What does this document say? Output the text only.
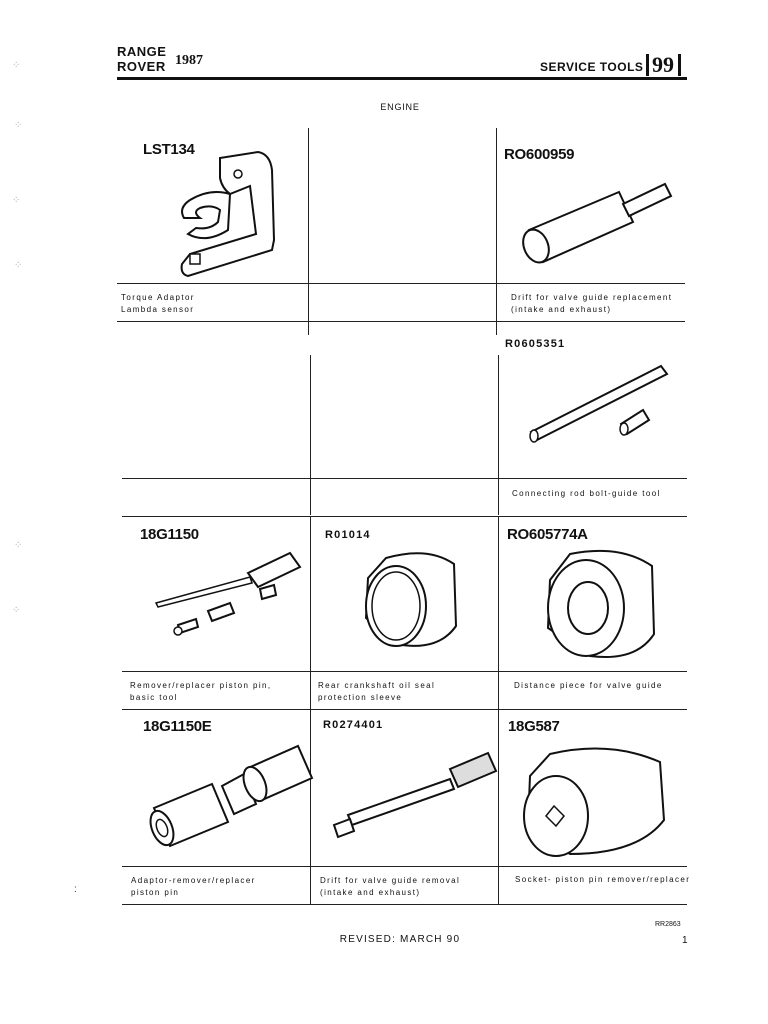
RANGE
ROVER 1987	SERVICE TOOLS 99
ENGINE
LST134
Torque Adaptor
Lambda sensor
RO600959
Drift for valve guide replacement
(intake and exhaust)
R0605351
Connecting rod bolt-guide tool
18G1150
Remover/replacer piston pin,
basic tool
R01014
Rear crankshaft oil seal
protection sleeve
RO605774A
Distance piece for valve guide
18G1150E
Adaptor-remover/replacer
piston pin
R0274401
Drift for valve guide removal
(intake and exhaust)
18G587
Socket- piston pin remover/replacer
RR2863
REVISED: MARCH 90	1
⁘
⁘
⁘
⁘
⁘
⁘
:
